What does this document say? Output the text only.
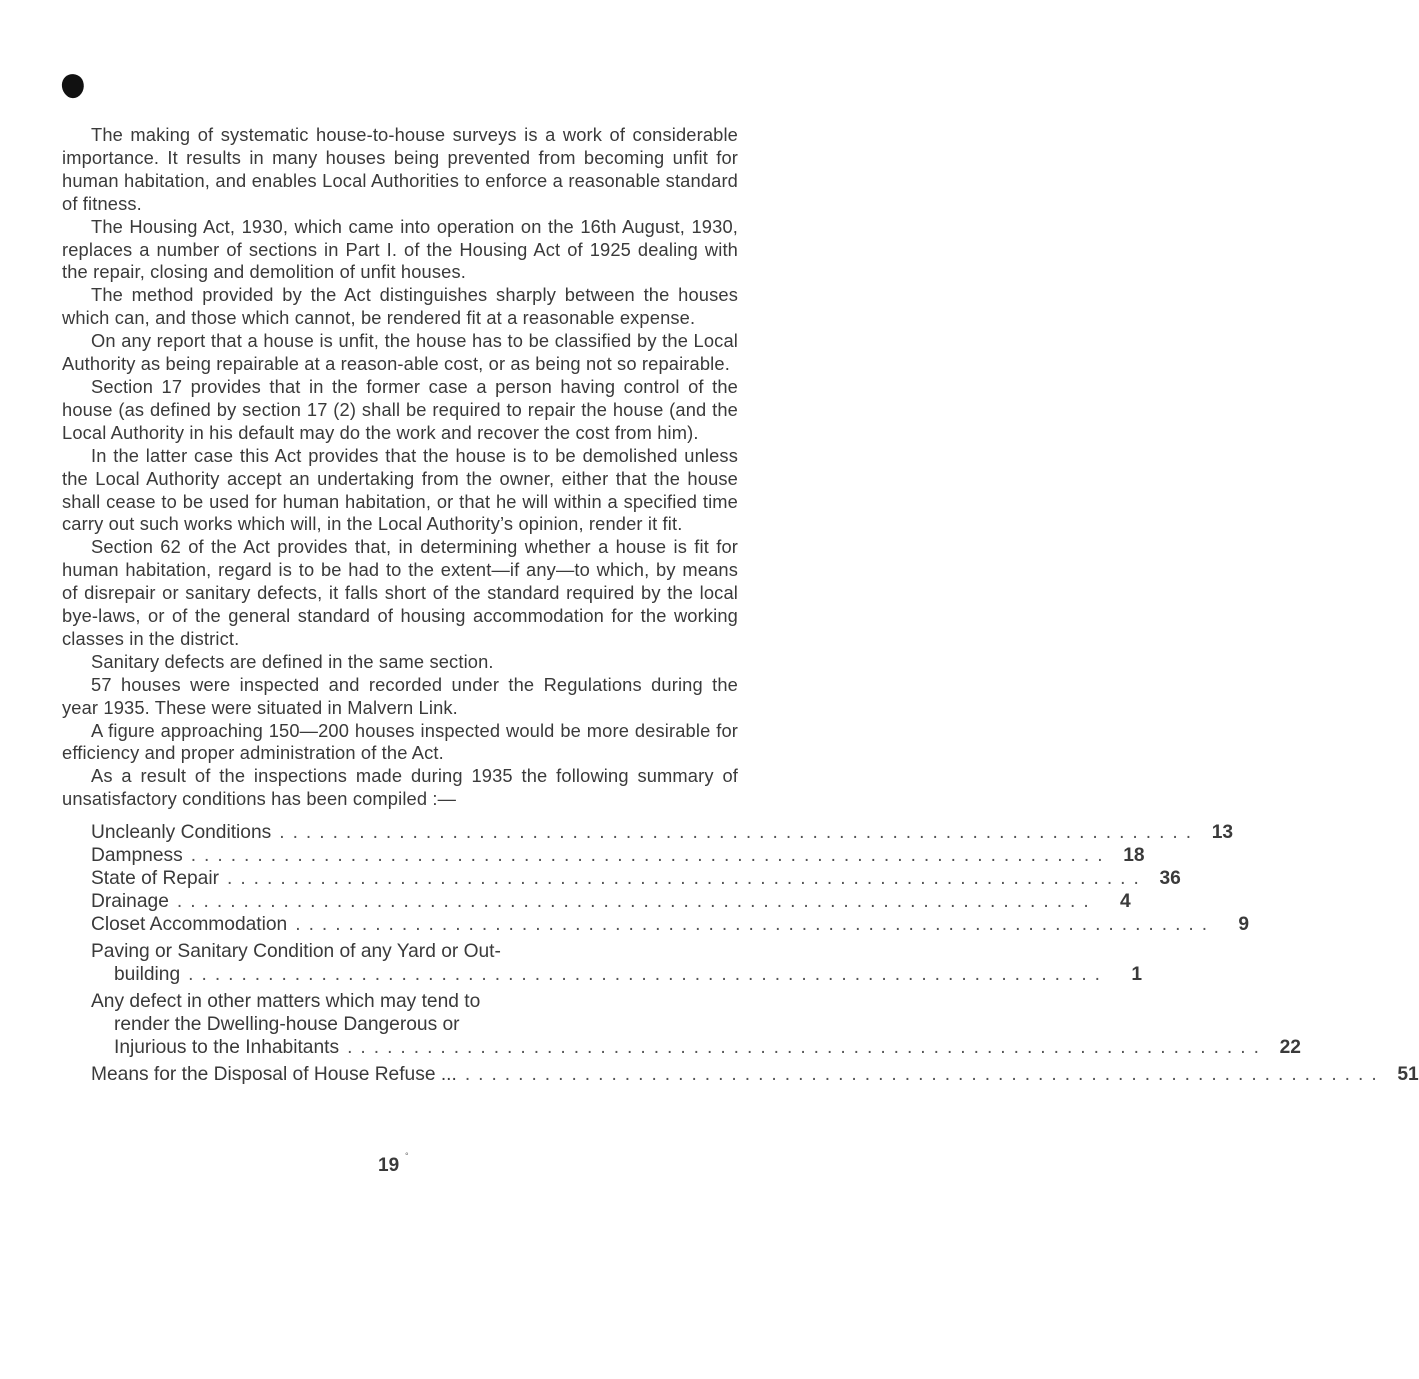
The making of systematic house-to-house surveys is a work of considerable importance. It results in many houses being prevented from becoming unfit for human habitation, and enables Local Authorities to enforce a reasonable standard of fitness.

The Housing Act, 1930, which came into operation on the 16th August, 1930, replaces a number of sections in Part I. of the Housing Act of 1925 dealing with the repair, closing and demolition of unfit houses.

The method provided by the Act distinguishes sharply between the houses which can, and those which cannot, be rendered fit at a reasonable expense.

On any report that a house is unfit, the house has to be classified by the Local Authority as being repairable at a reason-able cost, or as being not so repairable.

Section 17 provides that in the former case a person having control of the house (as defined by section 17 (2) shall be required to repair the house (and the Local Authority in his default may do the work and recover the cost from him).

In the latter case this Act provides that the house is to be demolished unless the Local Authority accept an undertaking from the owner, either that the house shall cease to be used for human habitation, or that he will within a specified time carry out such works which will, in the Local Authority’s opinion, render it fit.

Section 62 of the Act provides that, in determining whether a house is fit for human habitation, regard is to be had to the extent—if any—to which, by means of disrepair or sanitary defects, it falls short of the standard required by the local bye-laws, or of the general standard of housing accommodation for the working classes in the district.

Sanitary defects are defined in the same section.

57 houses were inspected and recorded under the Regulations during the year 1935. These were situated in Malvern Link.

A figure approaching 150—200 houses inspected would be more desirable for efficiency and proper administration of the Act.

As a result of the inspections made during 1935 the following summary of unsatisfactory conditions has been compiled :—

Uncleanly Conditions ..................................................................... 13
Dampness ..................................................................... 18
State of Repair ..................................................................... 36
Drainage .....................................................................	4
Closet Accommodation .....................................................................	9
Paving or Sanitary Condition of any Yard or Out-
building .....................................................................	1
Any defect in other matters which may tend to
render the Dwelling-house Dangerous or
Injurious to the Inhabitants ..................................................................... 22
Means for the Disposal of House Refuse ... ..................................................................... 51
19 °
